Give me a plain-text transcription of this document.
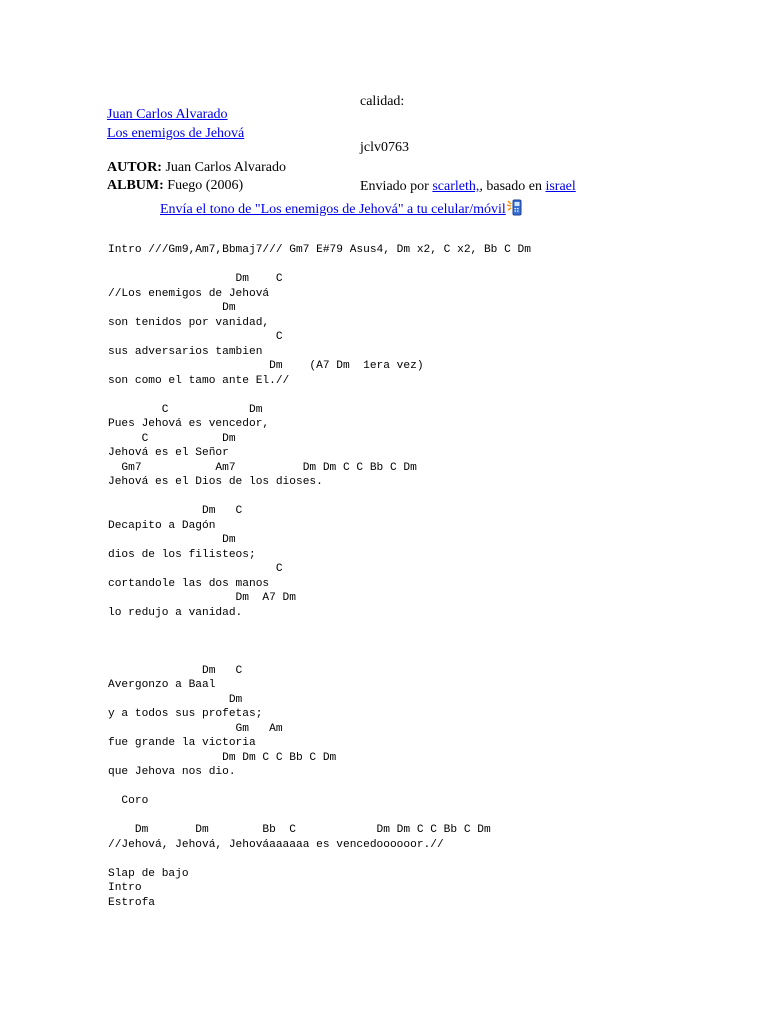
Juan Carlos Alvarado
Los enemigos de Jehová
calidad:
jclv0763
AUTOR: Juan Carlos Alvarado
ALBUM: Fuego (2006)	Enviado por scarleth,, basado en israel
Envía el tono de "Los enemigos de Jehová" a tu celular/móvil
Intro ///Gm9,Am7,Bbmaj7/// Gm7 E#79 Asus4, Dm x2, C x2, Bb C Dm

Dm    C
//Los enemigos de Jehová
Dm
son tenidos por vanidad,
C
sus adversarios tambien
Dm    (A7 Dm  1era vez)
son como el tamo ante El.//

C            Dm
Pues Jehová es vencedor,
C           Dm
Jehová es el Señor
Gm7           Am7          Dm Dm C C Bb C Dm
Jehová es el Dios de los dioses.

Dm   C
Decapito a Dagón
Dm
dios de los filisteos;
C
cortandole las dos manos
Dm  A7 Dm
lo redujo a vanidad.

Dm   C
Avergonzo a Baal
Dm
y a todos sus profetas;
Gm   Am
fue grande la victoria
Dm Dm C C Bb C Dm
que Jehova nos dio.

Coro

Dm       Dm        Bb  C            Dm Dm C C Bb C Dm
//Jehová, Jehová, Jehováaaaaaa es vencedoooooor.//

Slap de bajo
Intro
Estrofa
